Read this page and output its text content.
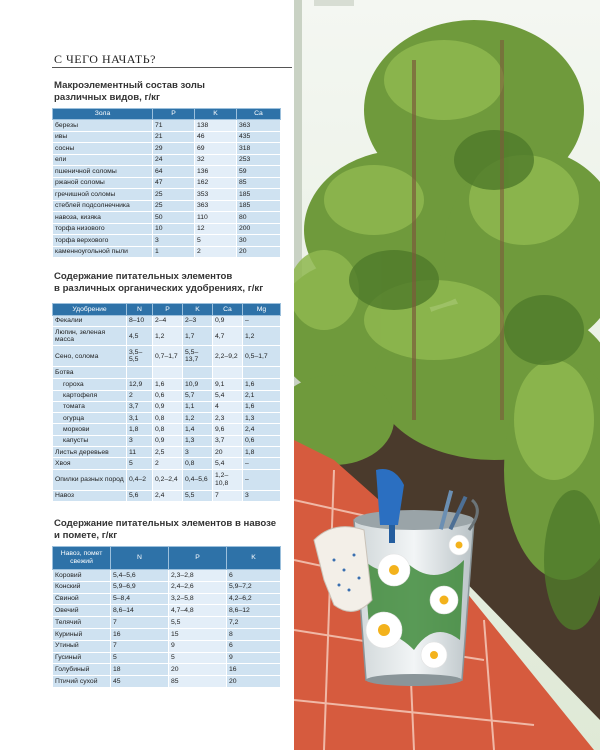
С ЧЕГО НАЧАТЬ?
Макроэлементный состав золы
различных видов, г/кг
Зола	P	K	Ca
березы	71	138	363
ивы	21	46	435
сосны	29	69	318
ели	24	32	253
пшеничной соломы	64	136	59
ржаной соломы	47	162	85
гречишной соломы	25	353	185
стеблей подсолнечника	25	363	185
навоза, кизяка	50	110	80
торфа низового	10	12	200
торфа верхового	3	5	30
каменноугольной пыли	1	2	20
Содержание питательных элементов
в различных органических удобрениях, г/кг
Удобрение	N	P	K	Ca	Mg
Фекалии	8–10	2–4	2–3	0,9	–
Люпин, зеленая масса	4,5	1,2	1,7	4,7	1,2
Сено, солома	3,5–5,5	0,7–1,7	5,5–13,7	2,2–9,2	0,5–1,7
Ботва					
гороха	12,9	1,6	10,9	9,1	1,6
картофеля	2	0,6	5,7	5,4	2,1
томата	3,7	0,9	1,1	4	1,6
огурца	3,1	0,8	1,2	2,3	1,3
моркови	1,8	0,8	1,4	9,6	2,4
капусты	3	0,9	1,3	3,7	0,6
Листья деревьев	11	2,5	3	20	1,8
Хвоя	5	2	0,8	5,4	–
Опилки разных пород	0,4–2	0,2–2,4	0,4–5,6	1,2–10,8	–
Навоз	5,6	2,4	5,5	7	3
Содержание питательных элементов в навозе
и помете, г/кг
Навоз, помет свежий	N	P	K
Коровий	5,4–5,6	2,3–2,8	6
Конский	5,9–6,9	2,4–2,6	5,9–7,2
Свиной	5–8,4	3,2–5,8	4,2–6,2
Овечий	8,6–14	4,7–4,8	8,6–12
Телячий	7	5,5	7,2
Куриный	16	15	8
Утиный	7	9	6
Гусиный	5	5	9
Голубиный	18	20	16
Птичий сухой	45	85	20
